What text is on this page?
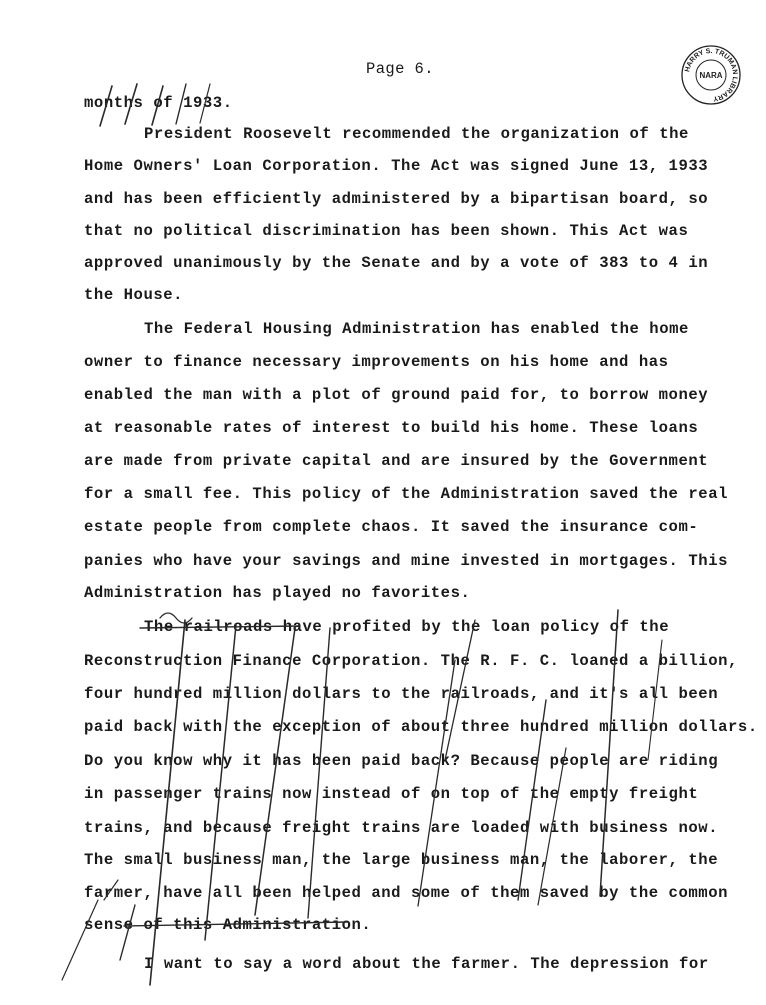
Page 6.	HARRY S. TRUMAN LIBRARY
NARA
months of 1933.
President Roosevelt recommended the organization of the
Home Owners' Loan Corporation. The Act was signed June 13, 1933
and has been efficiently administered by a bipartisan board, so
that no political discrimination has been shown. This Act was
approved unanimously by the Senate and by a vote of 383 to 4 in
the House.
The Federal Housing Administration has enabled the home
owner to finance necessary improvements on his home and has
enabled the man with a plot of ground paid for, to borrow money
at reasonable rates of interest to build his home. These loans
are made from private capital and are insured by the Government
for a small fee. This policy of the Administration saved the real
estate people from complete chaos. It saved the insurance com-
panies who have your savings and mine invested in mortgages. This
Administration has played no favorites.
The railroads have profited by the loan policy of the
Reconstruction Finance Corporation. The R. F. C. loaned a billion,
four hundred million dollars to the railroads, and it's all been
paid back with the exception of about three hundred million dollars.
Do you know why it has been paid back? Because people are riding
in passenger trains now instead of on top of the empty freight
trains, and because freight trains are loaded with business now.
The small business man, the large business man, the laborer, the
farmer, have all been helped and some of them saved by the common
sense of this Administration.
I want to say a word about the farmer. The depression for
